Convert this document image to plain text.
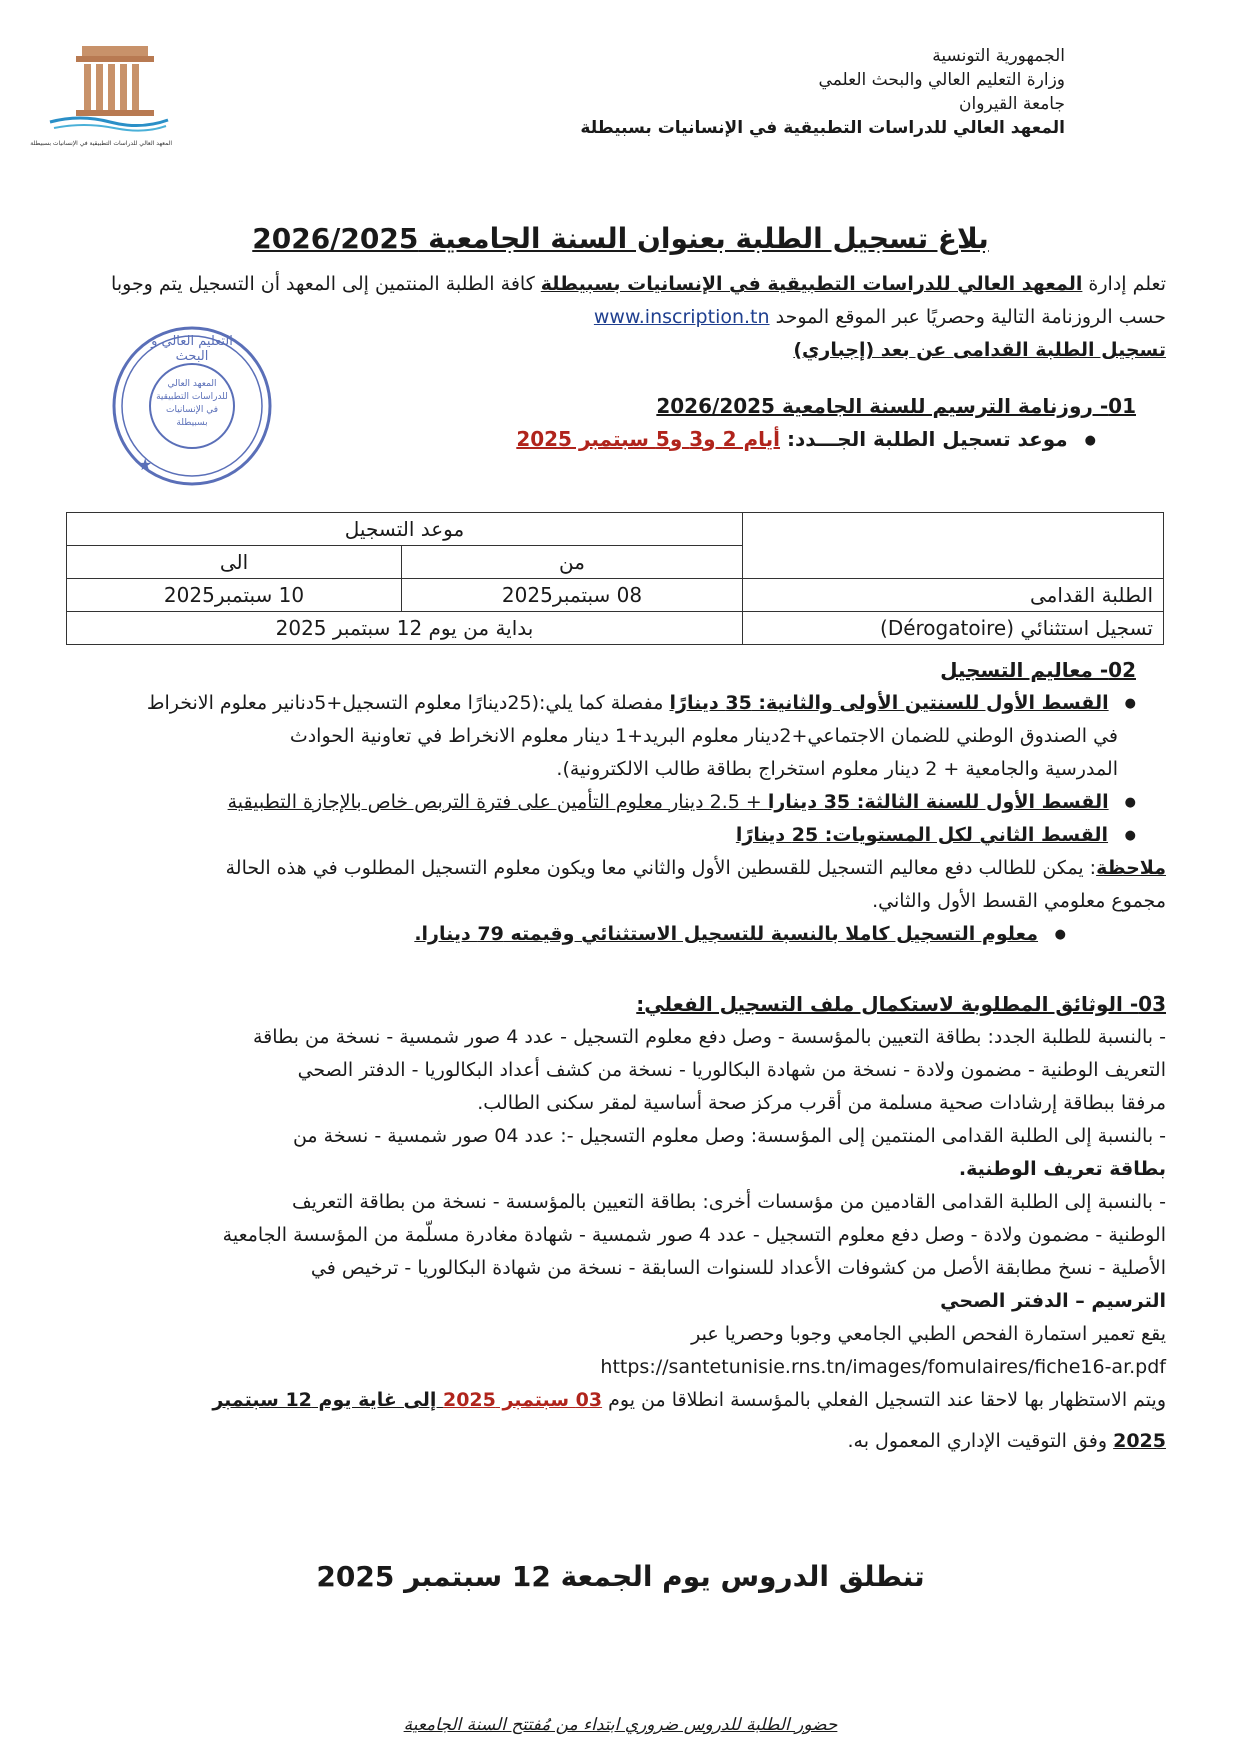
المعهد العالي للدراسات التطبيقية في الإنسانيات بسبيطلة
الجمهورية التونسية
وزارة التعليم العالي والبحث العلمي
جامعة القيروان
المعهد العالي للدراسات التطبيقية في الإنسانيات بسبيطلة
بلاغ تسجيل الطلبة بعنوان السنة الجامعية 2026/2025
تعلم إدارة المعهد العالي للدراسات التطبيقية في الإنسانيات بسبيطلة كافة الطلبة المنتمين إلى المعهد أن التسجيل يتم وجوبا
حسب الروزنامة التالية وحصريًا عبر الموقع الموحد www.inscription.tn
تسجيل الطلبة القدامى عن بعد (إجباري)
★
التعليم العالي و البحث
المعهد العالي
للدراسات التطبيقية
في الإنسانيات بسبيطلة
01- روزنامة الترسيم للسنة الجامعية 2026/2025
● موعد تسجيل الطلبة الجـــدد: أيام 2 و3 و5 سبتمبر 2025
	موعد التسجيل	
	من	الى
الطلبة القدامى	08 سبتمبر2025	10 سبتمبر2025
تسجيل استثنائي (Dérogatoire)	بداية من يوم 12 سبتمبر 2025	
02- معاليم التسجيل
● القسط الأول للسنتين الأولى والثانية: 35 دينارًا مفصلة كما يلي:(25دينارًا معلوم التسجيل+5دنانير معلوم الانخراط
في الصندوق الوطني للضمان الاجتماعي+2دينار معلوم البريد+1 دينار معلوم الانخراط في تعاونية الحوادث
المدرسية والجامعية + 2 دينار معلوم استخراج بطاقة طالب الالكترونية).
● القسط الأول للسنة الثالثة: 35 دينارا + 2.5 دينار معلوم التأمين على فترة التربص خاص بالإجازة التطبيقية
● القسط الثاني لكل المستويات: 25 دينارًا
ملاحظة: يمكن للطالب دفع معاليم التسجيل للقسطين الأول والثاني معا ويكون معلوم التسجيل المطلوب في هذه الحالة
مجموع معلومي القسط الأول والثاني.
● معلوم التسجيل كاملا بالنسبة للتسجيل الاستثنائي وقيمته 79 دينارا.
03- الوثائق المطلوبة لاستكمال ملف التسجيل الفعلي:
- بالنسبة للطلبة الجدد: بطاقة التعيين بالمؤسسة - وصل دفع معلوم التسجيل - عدد 4 صور شمسية - نسخة من بطاقة
التعريف الوطنية - مضمون ولادة - نسخة من شهادة البكالوريا - نسخة من كشف أعداد البكالوريا - الدفتر الصحي
مرفقا ببطاقة إرشادات صحية مسلمة من أقرب مركز صحة أساسية لمقر سكنى الطالب.
- بالنسبة إلى الطلبة القدامى المنتمين إلى المؤسسة: وصل معلوم التسجيل -: عدد 04 صور شمسية - نسخة من
بطاقة تعريف الوطنية.
- بالنسبة إلى الطلبة القدامى القادمين من مؤسسات أخرى: بطاقة التعيين بالمؤسسة - نسخة من بطاقة التعريف
الوطنية - مضمون ولادة - وصل دفع معلوم التسجيل - عدد 4 صور شمسية - شهادة مغادرة مسلّمة من المؤسسة الجامعية
الأصلية - نسخ مطابقة الأصل من كشوفات الأعداد للسنوات السابقة - نسخة من شهادة البكالوريا - ترخيص في
الترسيم – الدفتر الصحي
يقع تعمير استمارة الفحص الطبي الجامعي وجوبا وحصريا عبر
https://santetunisie.rns.tn/images/fomulaires/fiche16-ar.pdf
ويتم الاستظهار بها لاحقا عند التسجيل الفعلي بالمؤسسة انطلاقا من يوم 03 سبتمبر 2025 إلى غاية يوم 12 سبتمبر
2025 وفق التوقيت الإداري المعمول به.
تنطلق الدروس يوم الجمعة 12 سبتمبر 2025
حضور الطلبة للدروس ضروري ابتداء من مُفتتح السنة الجامعية
